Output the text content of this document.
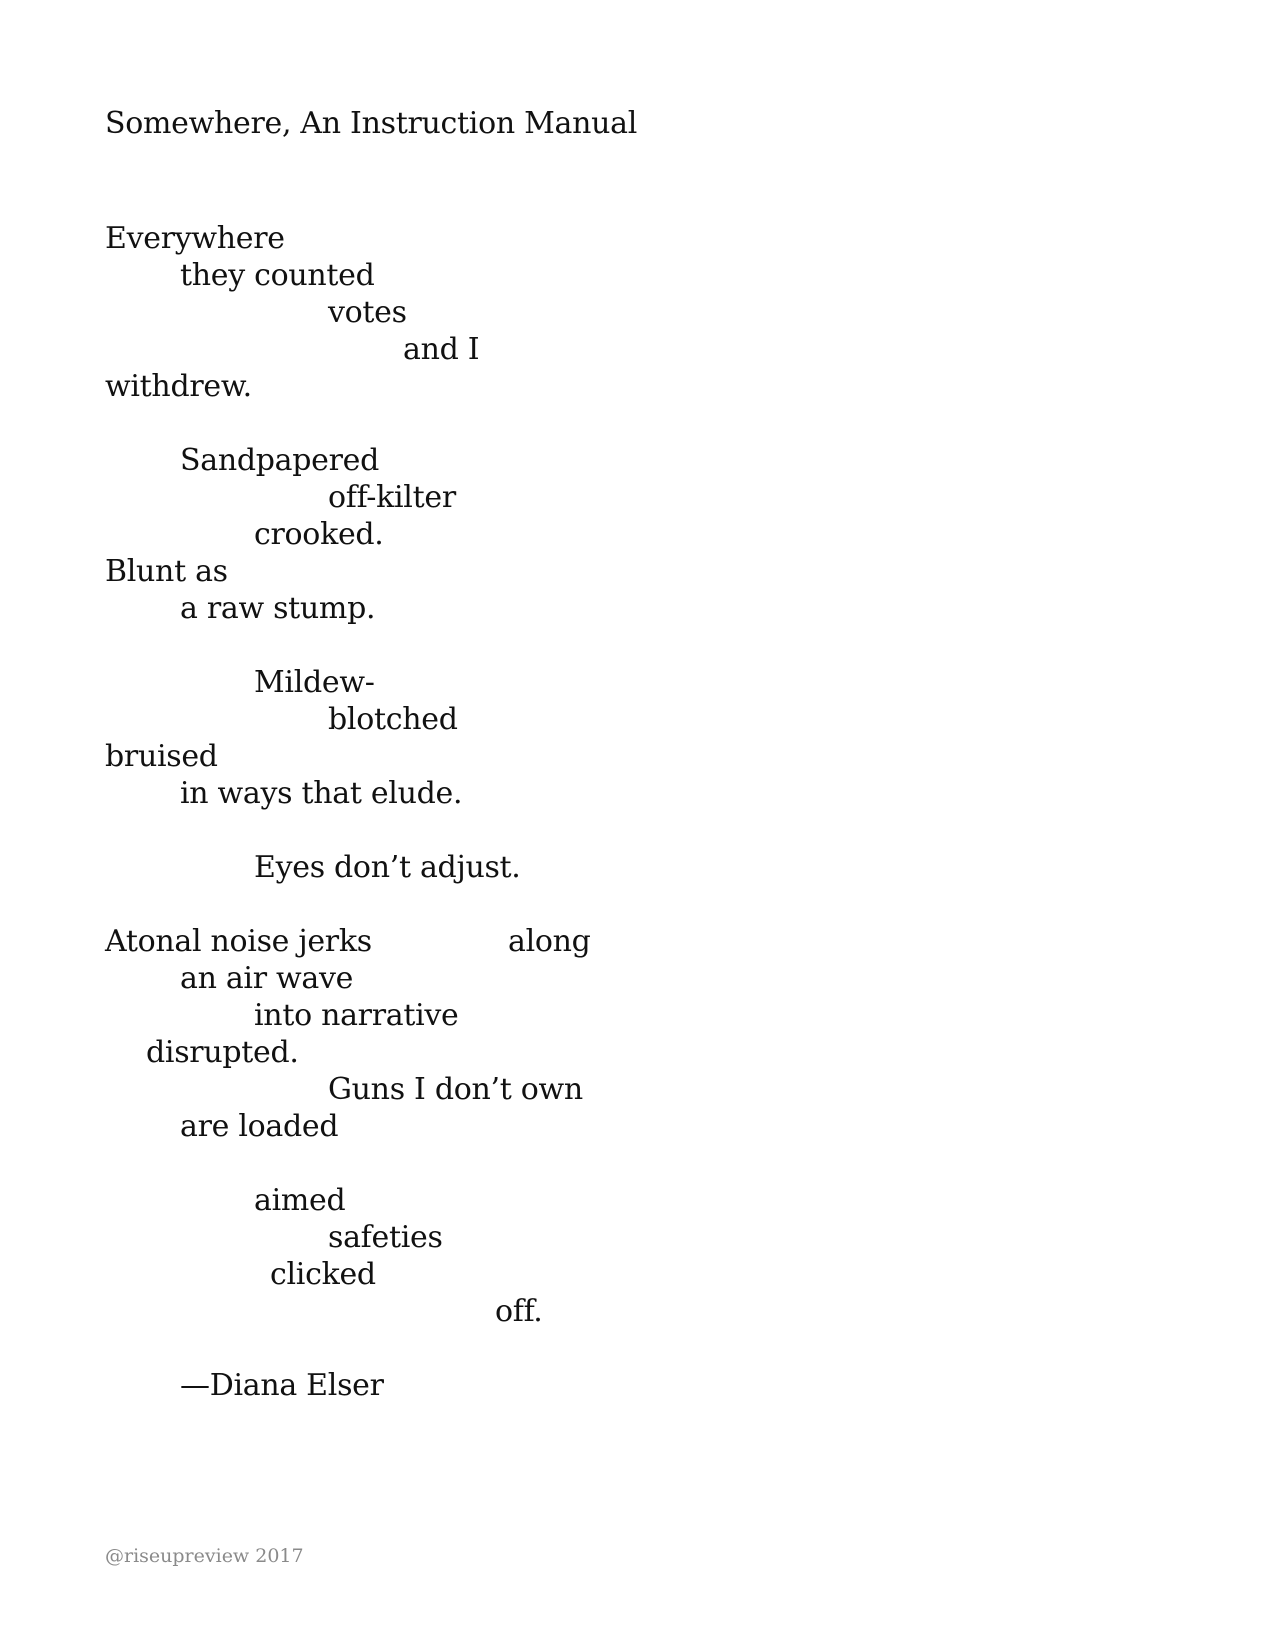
Somewhere, An Instruction Manual
Everywhere
they counted
votes
and I
withdrew.
Sandpapered
off-kilter
crooked.
Blunt as
a raw stump.
Mildew-
blotched
bruised
in ways that elude.
Eyes don’t adjust.
Atonal noise jerks	along
an air wave
into narrative
disrupted.
Guns I don’t own
are loaded
aimed
safeties
clicked
off.
—Diana Elser
@riseupreview 2017
